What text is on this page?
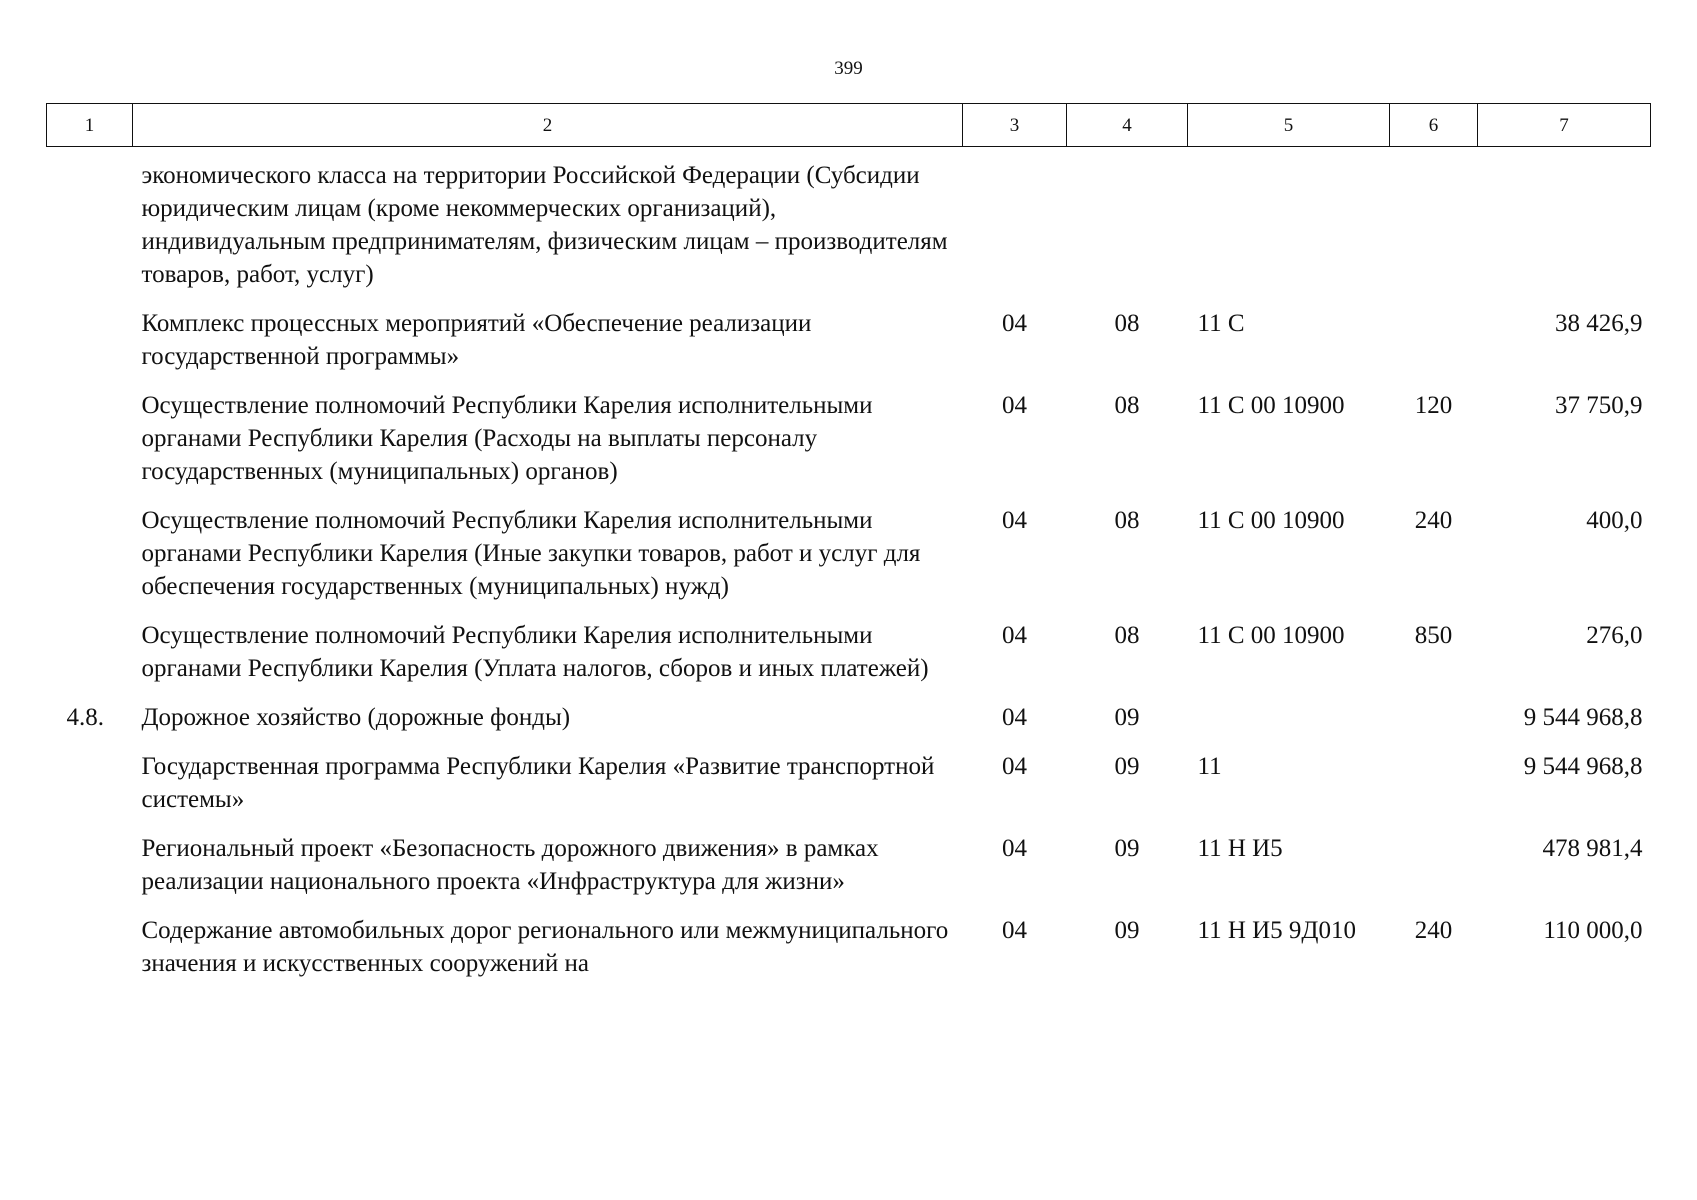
399
1	2	3	4	5	6	7
	экономического класса на территории Российской Федерации (Субсидии юридическим лицам (кроме некоммерческих организаций), индивидуальным предпринимателям, физическим лицам – производителям товаров, работ, услуг)					
	Комплекс процессных мероприятий «Обеспечение реализации государственной программы»	04	08	11 С		38 426,9
	Осуществление полномочий Республики Карелия исполнительными органами Республики Карелия (Расходы на выплаты персоналу государственных (муниципальных) органов)	04	08	11 С 00 10900	120	37 750,9
	Осуществление полномочий Республики Карелия исполнительными органами Республики Карелия (Иные закупки товаров, работ и услуг для обеспечения государственных (муниципальных) нужд)	04	08	11 С 00 10900	240	400,0
	Осуществление полномочий Республики Карелия исполнительными органами Республики Карелия (Уплата налогов, сборов и иных платежей)	04	08	11 С 00 10900	850	276,0
4.8.	Дорожное хозяйство (дорожные фонды)	04	09			9 544 968,8
	Государственная программа Республики Карелия «Развитие транспортной системы»	04	09	11		9 544 968,8
	Региональный проект «Безопасность дорожного движения» в рамках реализации национального проекта «Инфраструктура для жизни»	04	09	11 Н И5		478 981,4
	Содержание автомобильных дорог регионального или межмуниципального значения и искусственных сооружений на	04	09	11 Н И5 9Д010	240	110 000,0
